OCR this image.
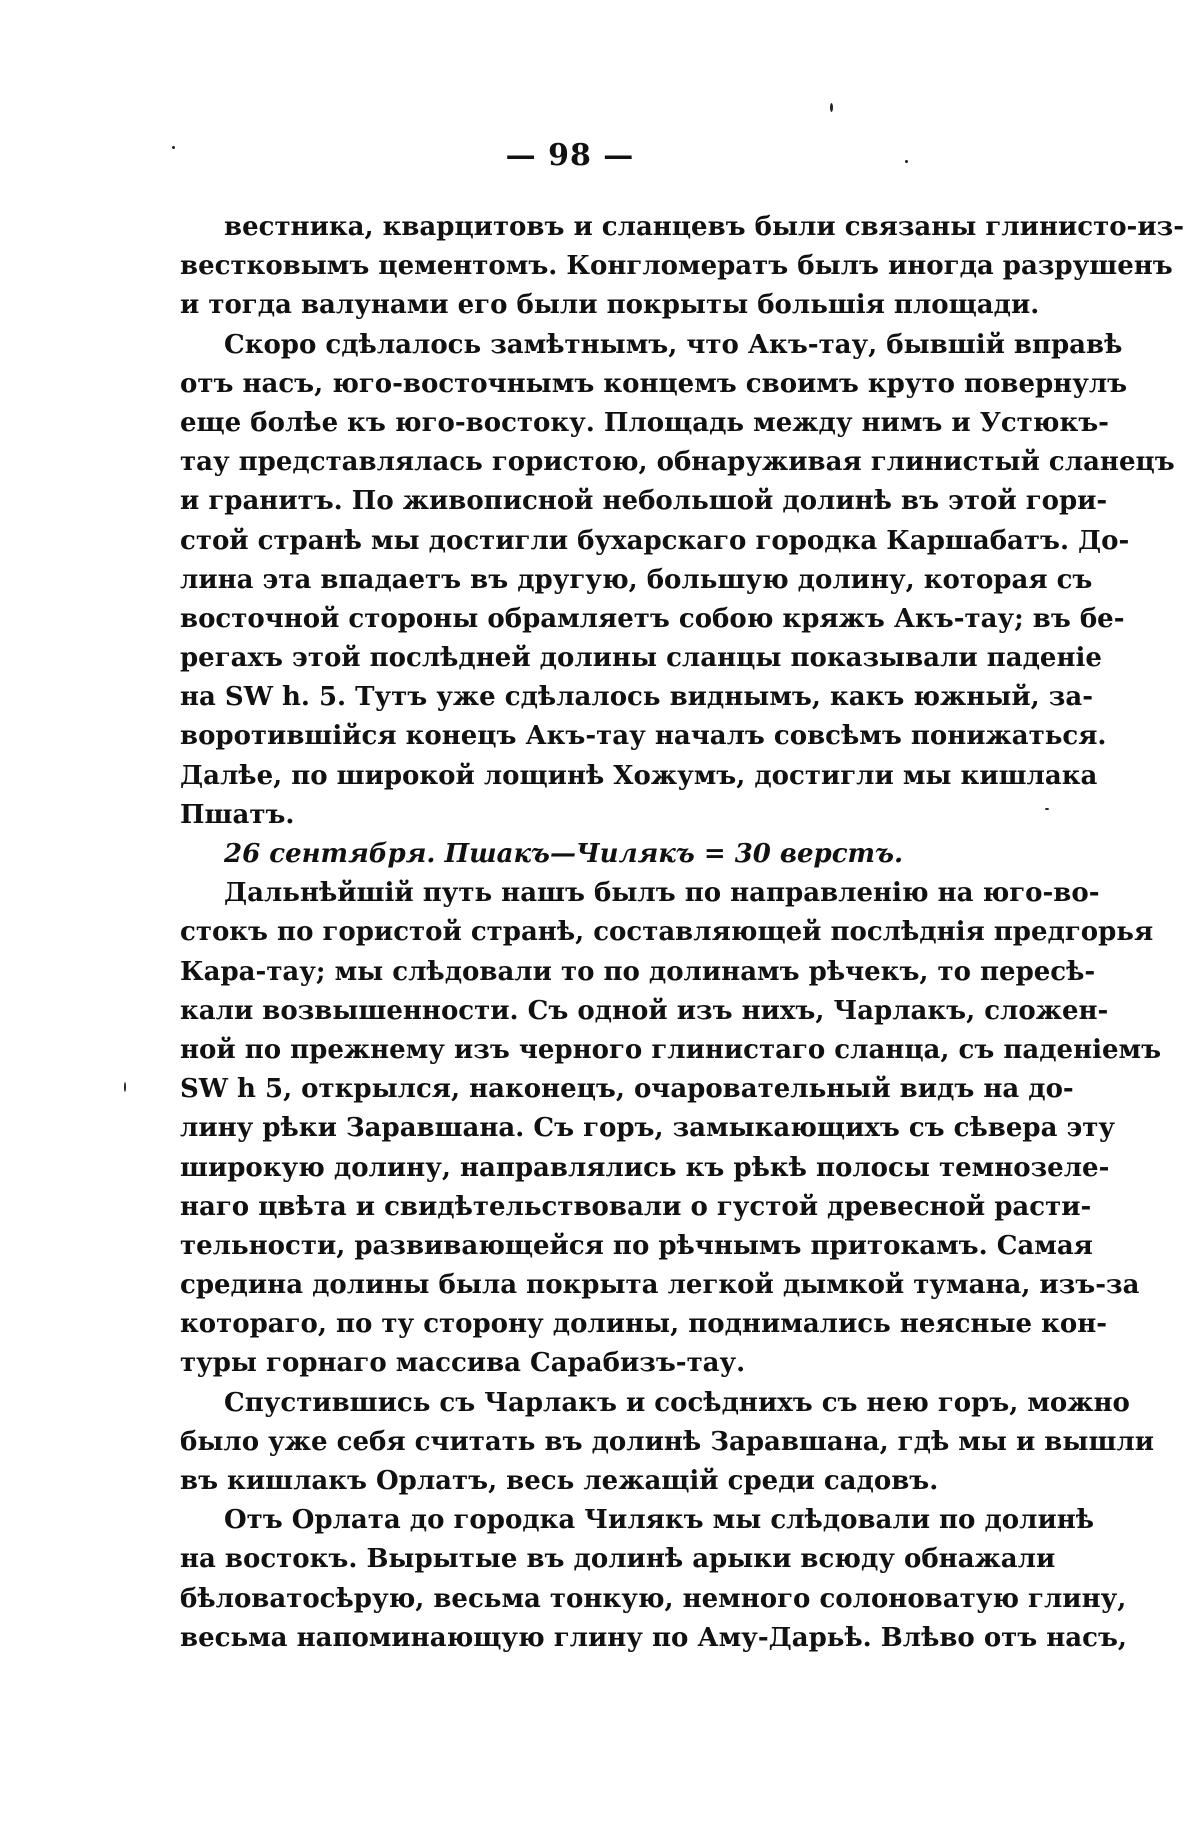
— 98 —
вестника, кварцитовъ и сланцевъ были связаны глинисто-из-
вестковымъ цементомъ. Конгломератъ былъ иногда разрушенъ
и тогда валунами его были покрыты большія площади.
Скоро сдѣлалось замѣтнымъ, что Акъ-тау, бывшій вправѣ
отъ насъ, юго-восточнымъ концемъ своимъ круто повернулъ
еще болѣе къ юго-востоку. Площадь между нимъ и Устюкъ-
тау представлялась гористою, обнаруживая глинистый сланецъ
и гранитъ. По живописной небольшой долинѣ въ этой гори-
стой странѣ мы достигли бухарскаго городка Каршабатъ. До-
лина эта впадаетъ въ другую, большую долину, которая съ
восточной стороны обрамляетъ собою кряжъ Акъ-тау; въ бе-
регахъ этой послѣдней долины сланцы показывали паденіе
на SW h. 5. Тутъ уже сдѣлалось виднымъ, какъ южный, за-
воротившійся конецъ Акъ-тау началъ совсѣмъ понижаться.
Далѣе, по широкой лощинѣ Хожумъ, достигли мы кишлака
Пшатъ.
26 сентября. Пшакъ—Чилякъ = 30 верстъ.
Дальнѣйшій путь нашъ былъ по направленію на юго-во-
стокъ по гористой странѣ, составляющей послѣднія предгорья
Кара-тау; мы слѣдовали то по долинамъ рѣчекъ, то пересѣ-
кали возвышенности. Съ одной изъ нихъ, Чарлакъ, сложен-
ной по прежнему изъ черного глинистаго сланца, съ паденіемъ
SW h 5, открылся, наконецъ, очаровательный видъ на до-
лину рѣки Заравшана. Съ горъ, замыкающихъ съ сѣвера эту
широкую долину, направлялись къ рѣкѣ полосы темнозеле-
наго цвѣта и свидѣтельствовали о густой древесной расти-
тельности, развивающейся по рѣчнымъ притокамъ. Самая
средина долины была покрыта легкой дымкой тумана, изъ-за
котораго, по ту сторону долины, поднимались неясные кон-
туры горнаго массива Сарабизъ-тау.
Спустившись съ Чарлакъ и сосѣднихъ съ нею горъ, можно
было уже себя считать въ долинѣ Заравшана, гдѣ мы и вышли
въ кишлакъ Орлатъ, весь лежащій среди садовъ.
Отъ Орлата до городка Чилякъ мы слѣдовали по долинѣ
на востокъ. Вырытые въ долинѣ арыки всюду обнажали
бѣловатосѣрую, весьма тонкую, немного солоноватую глину,
весьма напоминающую глину по Аму-Дарьѣ. Влѣво отъ насъ,
